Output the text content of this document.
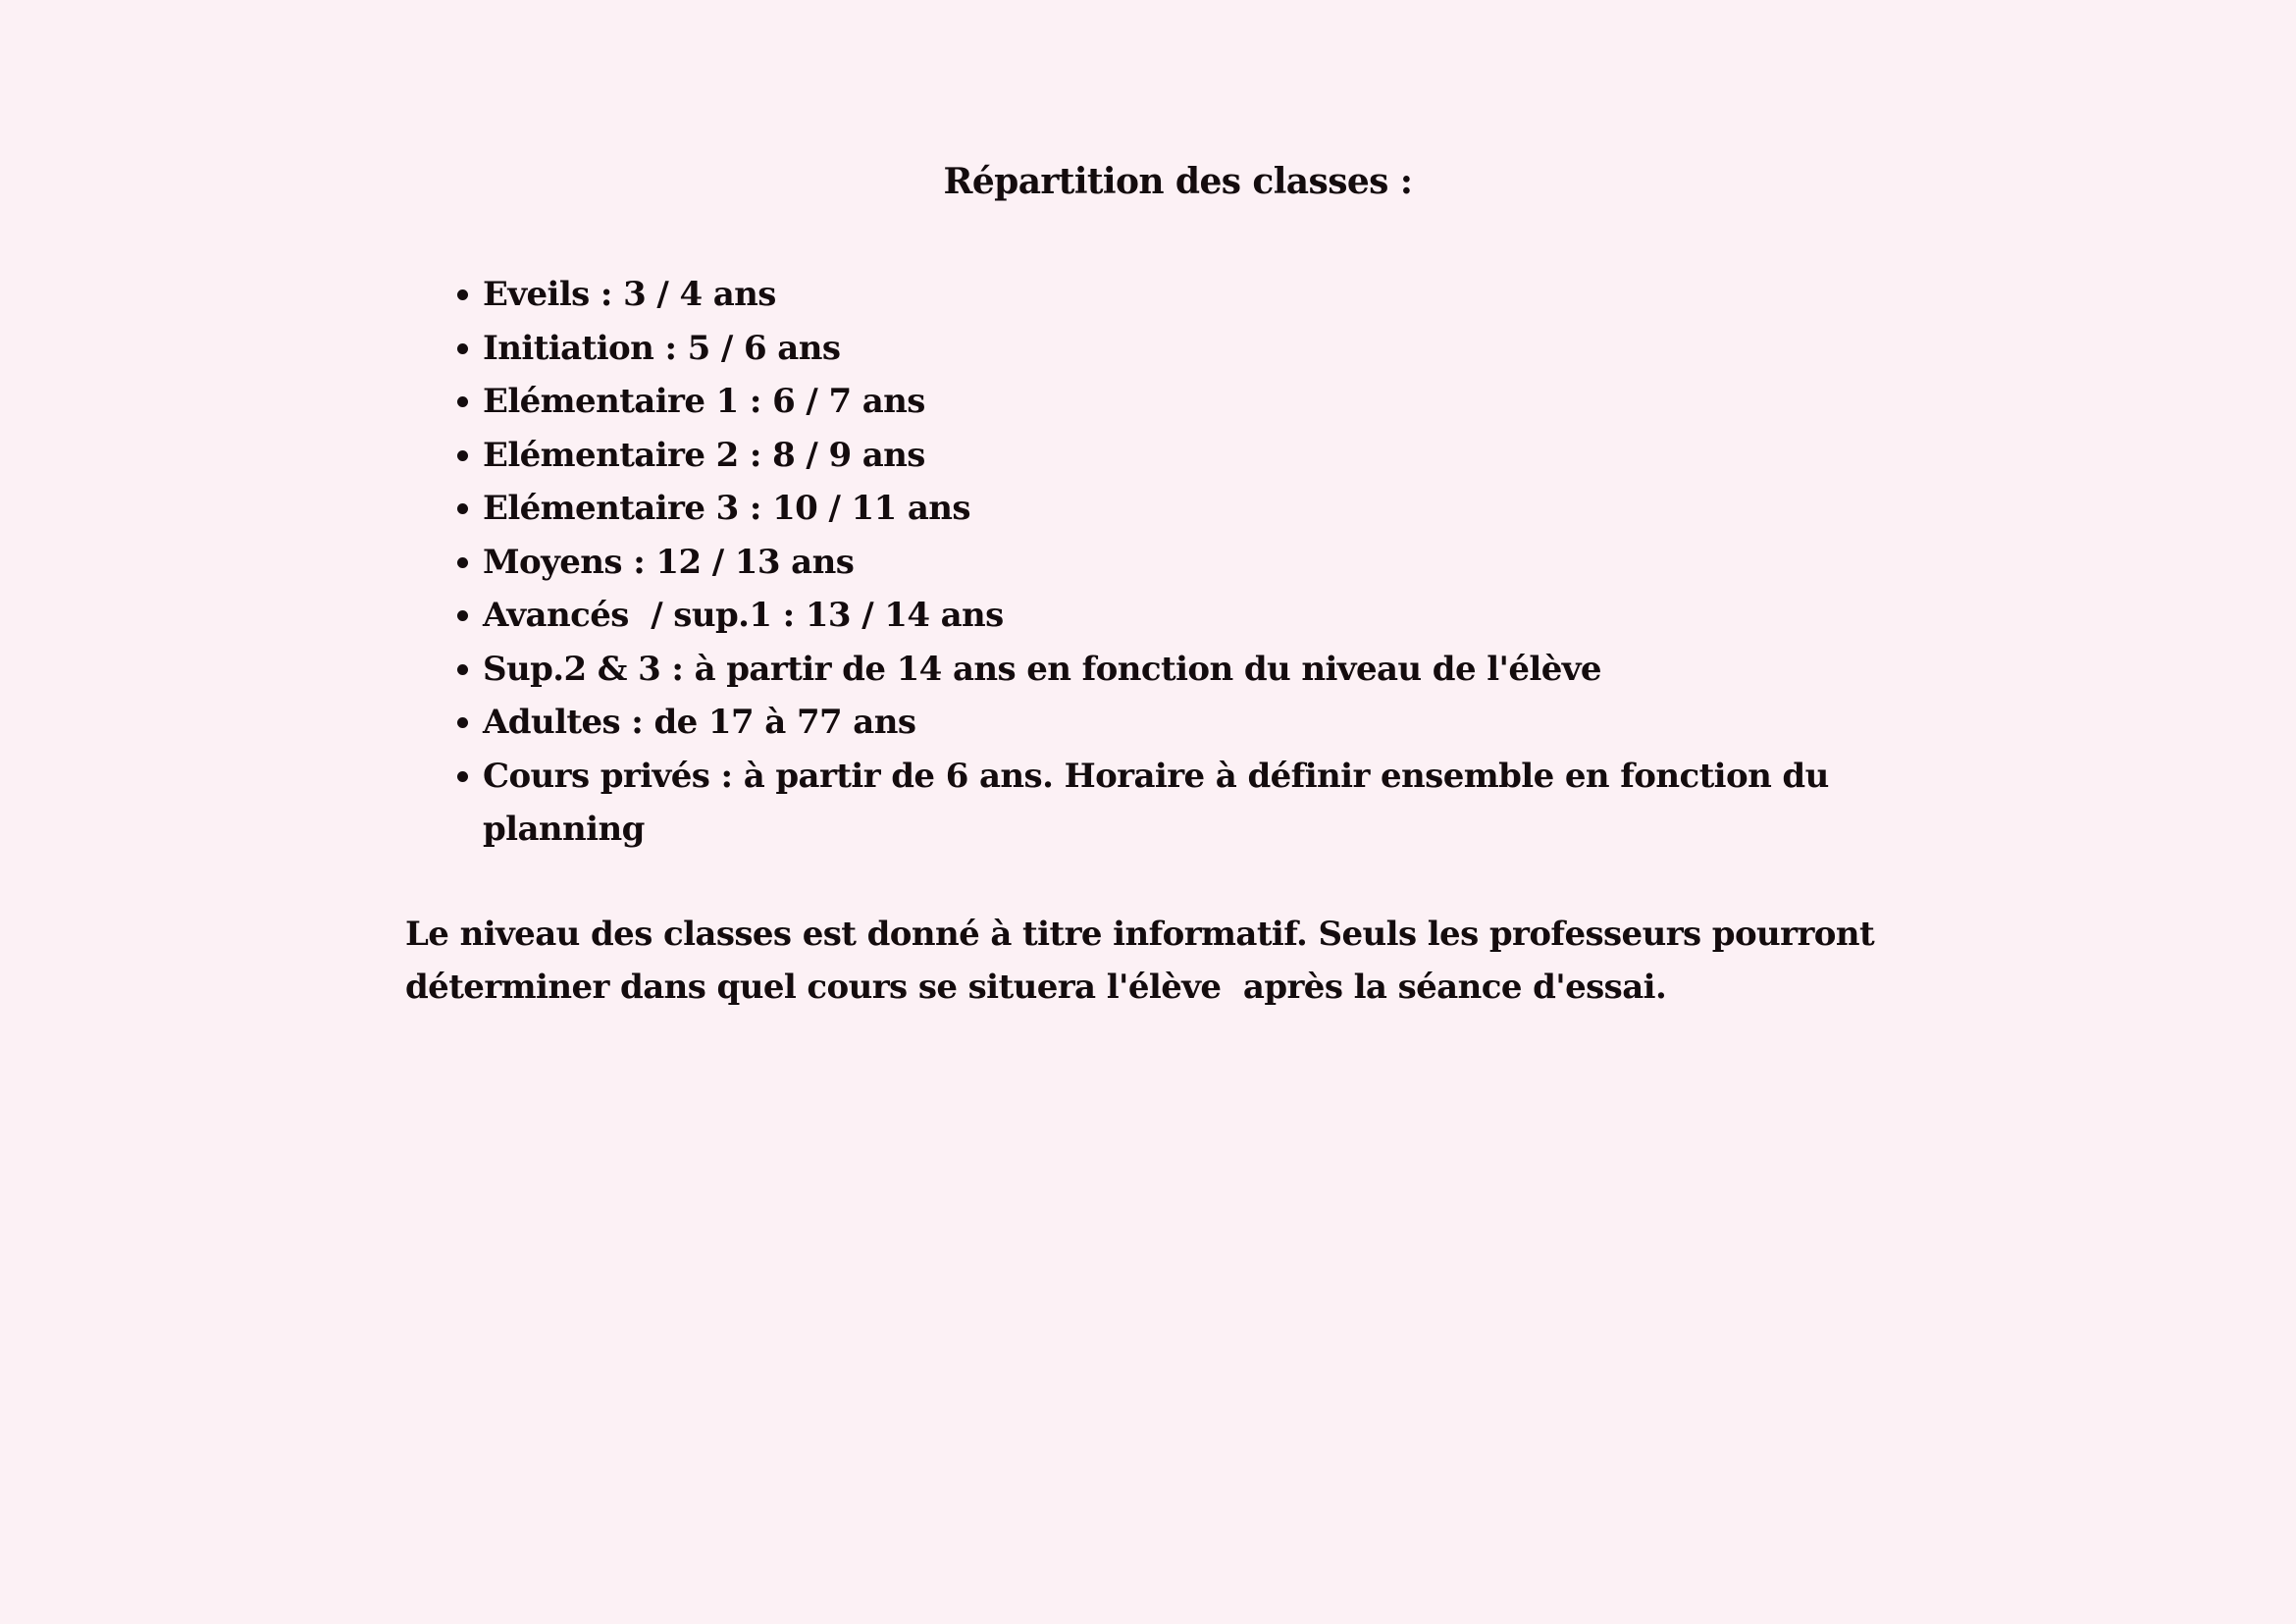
Répartition des classes :
Eveils : 3 / 4 ans
Initiation : 5 / 6 ans
Elémentaire 1 : 6 / 7 ans
Elémentaire 2 : 8 / 9 ans
Elémentaire 3 : 10 / 11 ans
Moyens : 12 / 13 ans
Avancés  / sup.1 : 13 / 14 ans
Sup.2 & 3 : à partir de 14 ans en fonction du niveau de l'élève
Adultes : de 17 à 77 ans
Cours privés : à partir de 6 ans. Horaire à définir ensemble en fonction du planning

Le niveau des classes est donné à titre informatif. Seuls les professeurs pourront déterminer dans quel cours se situera l'élève  après la séance d'essai.
